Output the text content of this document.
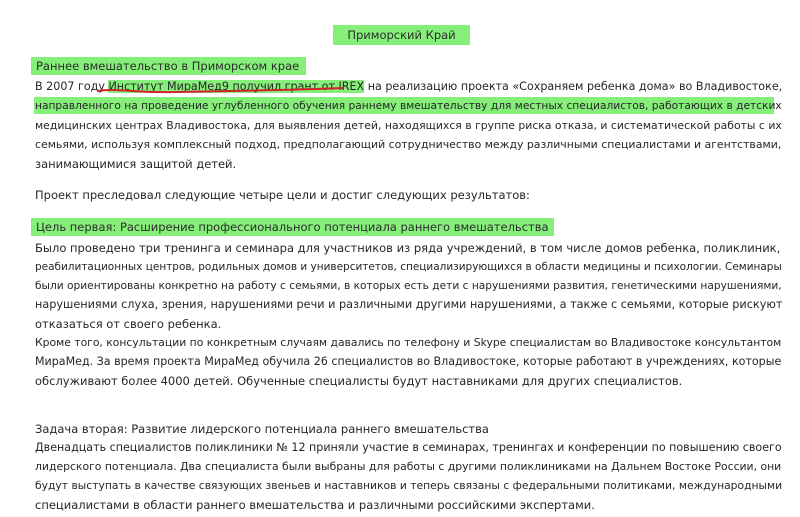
Приморский Край
Раннее вмешательство в Приморском крае
В 2007 году Институт МираМед9 получил грант от IREX на реализацию проекта «Сохраняем ребенка дома» во Владивостоке,
направленного на проведение углубленного обучения раннему вмешательству для местных специалистов, работающих в детских
медицинских центрах Владивостока, для выявления детей, находящихся в группе риска отказа, и систематической работы с их
семьями, используя комплексный подход, предполагающий сотрудничество между различными специалистами и агентствами,
занимающимися защитой детей.
Проект преследовал следующие четыре цели и достиг следующих результатов:
Цель первая: Расширение профессионального потенциала раннего вмешательства
Было проведено три тренинга и семинара для участников из ряда учреждений, в том числе домов ребенка, поликлиник,
реабилитационных центров, родильных домов и университетов, специализирующихся в области медицины и психологии. Семинары
были ориентированы конкретно на работу с семьями, в которых есть дети с нарушениями развития, генетическими нарушениями,
нарушениями слуха, зрения, нарушениями речи и различными другими нарушениями, а также с семьями, которые рискуют
отказаться от своего ребенка.
Кроме того, консультации по конкретным случаям давались по телефону и Skype специалистам во Владивостоке консультантом
МираМед. За время проекта МираМед обучила 26 специалистов во Владивостоке, которые работают в учреждениях, которые
обслуживают более 4000 детей. Обученные специалисты будут наставниками для других специалистов.
Задача вторая: Развитие лидерского потенциала раннего вмешательства
Двенадцать специалистов поликлиники № 12 приняли участие в семинарах, тренингах и конференции по повышению своего
лидерского потенциала. Два специалиста были выбраны для работы с другими поликлиниками на Дальнем Востоке России, они
будут выступать в качестве связующих звеньев и наставников и теперь связаны с федеральными политиками, международными
специалистами в области раннего вмешательства и различными российскими экспертами.
